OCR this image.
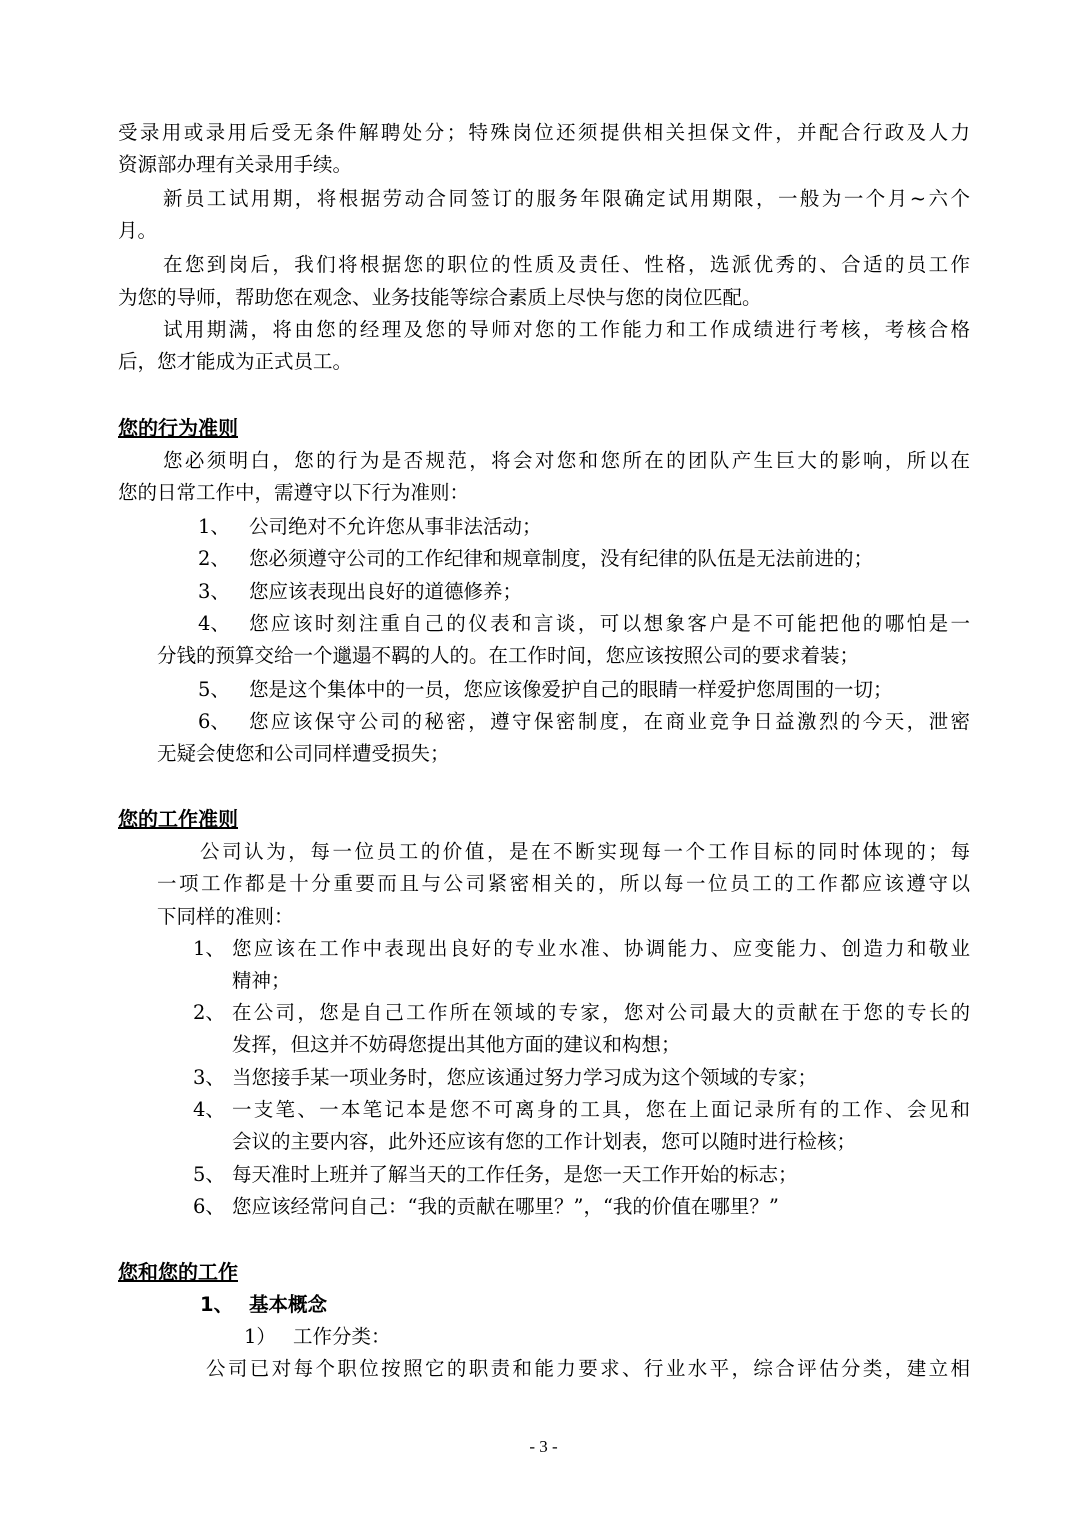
受录用或录用后受无条件解聘处分；特殊岗位还须提供相关担保文件，并配合行政及人力

资源部办理有关录用手续。

新员工试用期，将根据劳动合同签订的服务年限确定试用期限，一般为一个月~六个

月。

在您到岗后，我们将根据您的职位的性质及责任、性格，选派优秀的、合适的员工作

为您的导师，帮助您在观念、业务技能等综合素质上尽快与您的岗位匹配。

试用期满，将由您的经理及您的导师对您的工作能力和工作成绩进行考核，考核合格

后，您才能成为正式员工。

您的行为准则

您必须明白，您的行为是否规范，将会对您和您所在的团队产生巨大的影响，所以在

您的日常工作中，需遵守以下行为准则：

1、 公司绝对不允许您从事非法活动；

2、 您必须遵守公司的工作纪律和规章制度，没有纪律的队伍是无法前进的；

3、 您应该表现出良好的道德修养；

4、 您应该时刻注重自己的仪表和言谈，可以想象客户是不可能把他的哪怕是一

分钱的预算交给一个邋遢不羁的人的。在工作时间，您应该按照公司的要求着装；

5、 您是这个集体中的一员，您应该像爱护自己的眼睛一样爱护您周围的一切；

6、 您应该保守公司的秘密，遵守保密制度，在商业竞争日益激烈的今天，泄密

无疑会使您和公司同样遭受损失；

您的工作准则

公司认为，每一位员工的价值，是在不断实现每一个工作目标的同时体现的；每

一项工作都是十分重要而且与公司紧密相关的，所以每一位员工的工作都应该遵守以

下同样的准则：

1、 您应该在工作中表现出良好的专业水准、协调能力、应变能力、创造力和敬业

精神；

2、 在公司，您是自己工作所在领域的专家，您对公司最大的贡献在于您的专长的

发挥，但这并不妨碍您提出其他方面的建议和构想；

3、 当您接手某一项业务时，您应该通过努力学习成为这个领域的专家；

4、 一支笔、一本笔记本是您不可离身的工具，您在上面记录所有的工作、会见和

会议的主要内容，此外还应该有您的工作计划表，您可以随时进行检核；

5、 每天准时上班并了解当天的工作任务，是您一天工作开始的标志；

6、 您应该经常问自己：“我的贡献在哪里？”，“我的价值在哪里？”

您和您的工作
1、 基本概念
1） 工作分类：

公司已对每个职位按照它的职责和能力要求、行业水平，综合评估分类，建立相

- 3 -
